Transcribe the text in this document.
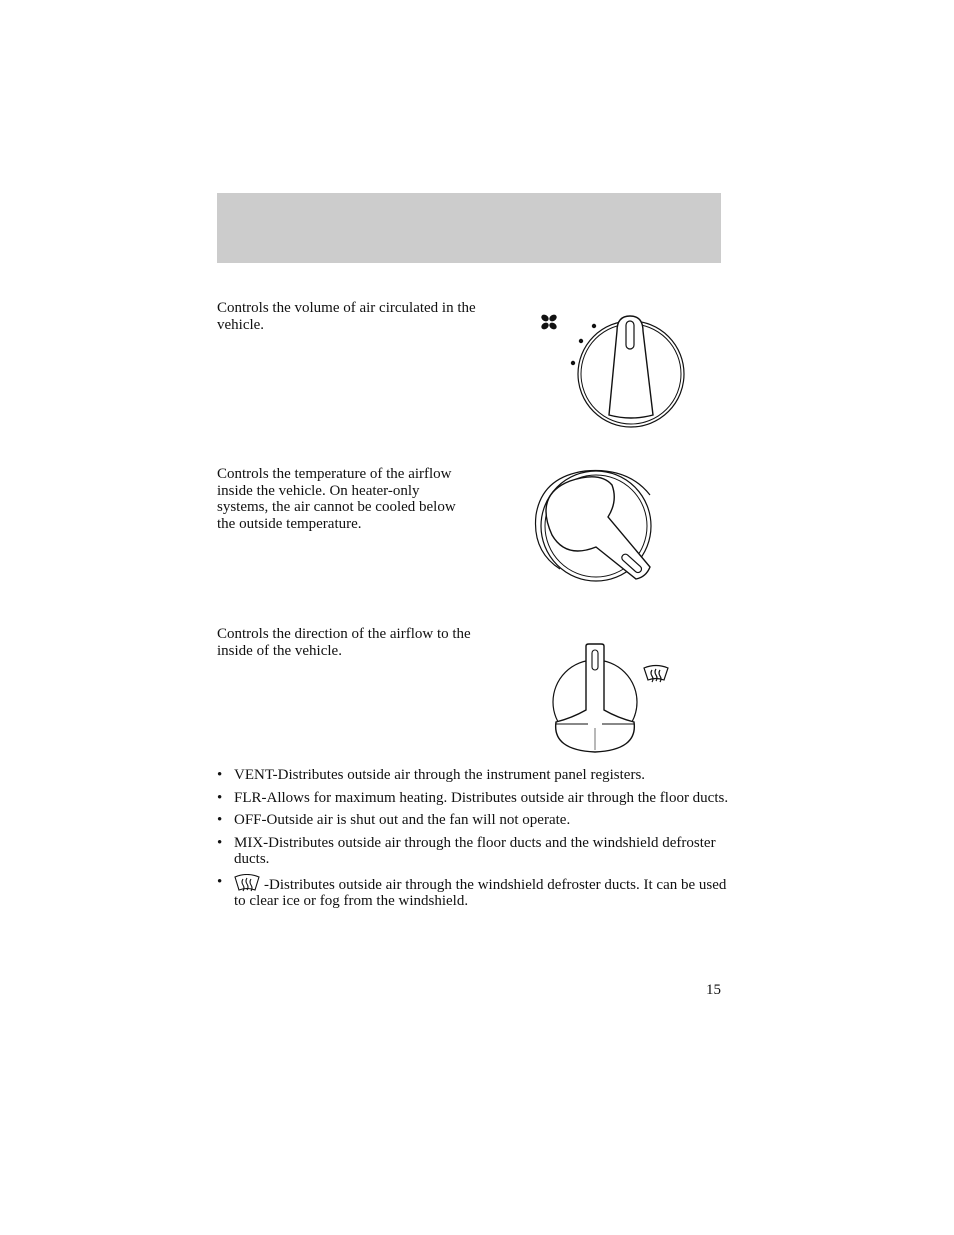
Controls the volume of air circulated in the vehicle.

Controls the temperature of the airflow inside the vehicle. On heater-only systems, the air cannot be cooled below the outside temperature.

Controls the direction of the airflow to the inside of the vehicle.

• VENT-Distributes outside air through the instrument panel registers.
• FLR-Allows for maximum heating. Distributes outside air through the floor ducts.
• OFF-Outside air is shut out and the fan will not operate.
• MIX-Distributes outside air through the floor ducts and the windshield defroster ducts.
•	-Distributes outside air through the windshield defroster ducts. It can be used to clear ice or fog from the windshield.
15
